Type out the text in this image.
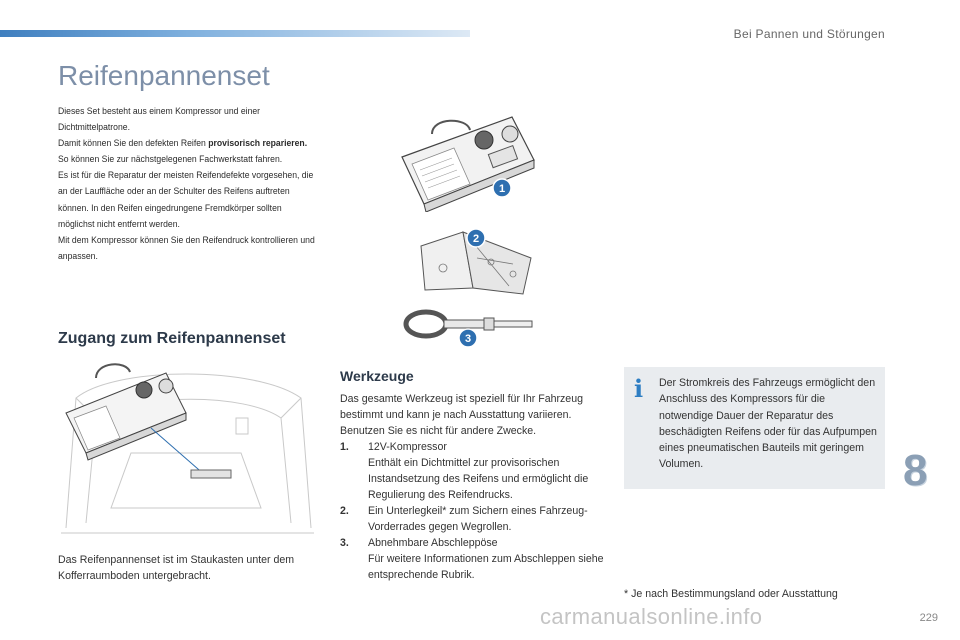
Bei Pannen und Störungen
Reifenpannenset
Dieses Set besteht aus einem Kompressor und einer Dichtmittelpatrone.
Damit können Sie den defekten Reifen provisorisch reparieren.
So können Sie zur nächstgelegenen Fachwerkstatt fahren.
Es ist für die Reparatur der meisten Reifendefekte vorgesehen, die an der Lauffläche oder an der Schulter des Reifens auftreten können. In den Reifen eingedrungene Fremdkörper sollten möglichst nicht entfernt werden.
Mit dem Kompressor können Sie den Reifendruck kontrollieren und anpassen.
1
2
3
Zugang zum Reifenpannenset
Das Reifenpannenset ist im Staukasten unter dem Kofferraumboden untergebracht.
Werkzeuge

Das gesamte Werkzeug ist speziell für Ihr Fahrzeug bestimmt und kann je nach Ausstattung variieren. Benutzen Sie es nicht für andere Zwecke.

1.	12V-Kompressor
Enthält ein Dichtmittel zur provisorischen Instandsetzung des Reifens und ermöglicht die Regulierung des Reifendrucks.
2.	Ein Unterlegkeil* zum Sichern eines Fahrzeug-Vorderrades gegen Wegrollen.
3.	Abnehmbare Abschleppöse
Für weitere Informationen zum Abschleppen siehe entsprechende Rubrik.
i Der Stromkreis des Fahrzeugs ermöglicht den Anschluss des Kompressors für die notwendige Dauer der Reparatur des beschädigten Reifens oder für das Aufpumpen eines pneumatischen Bauteils mit geringem Volumen.
* Je nach Bestimmungsland oder Ausstattung
8
carmanualsonline.info	229
